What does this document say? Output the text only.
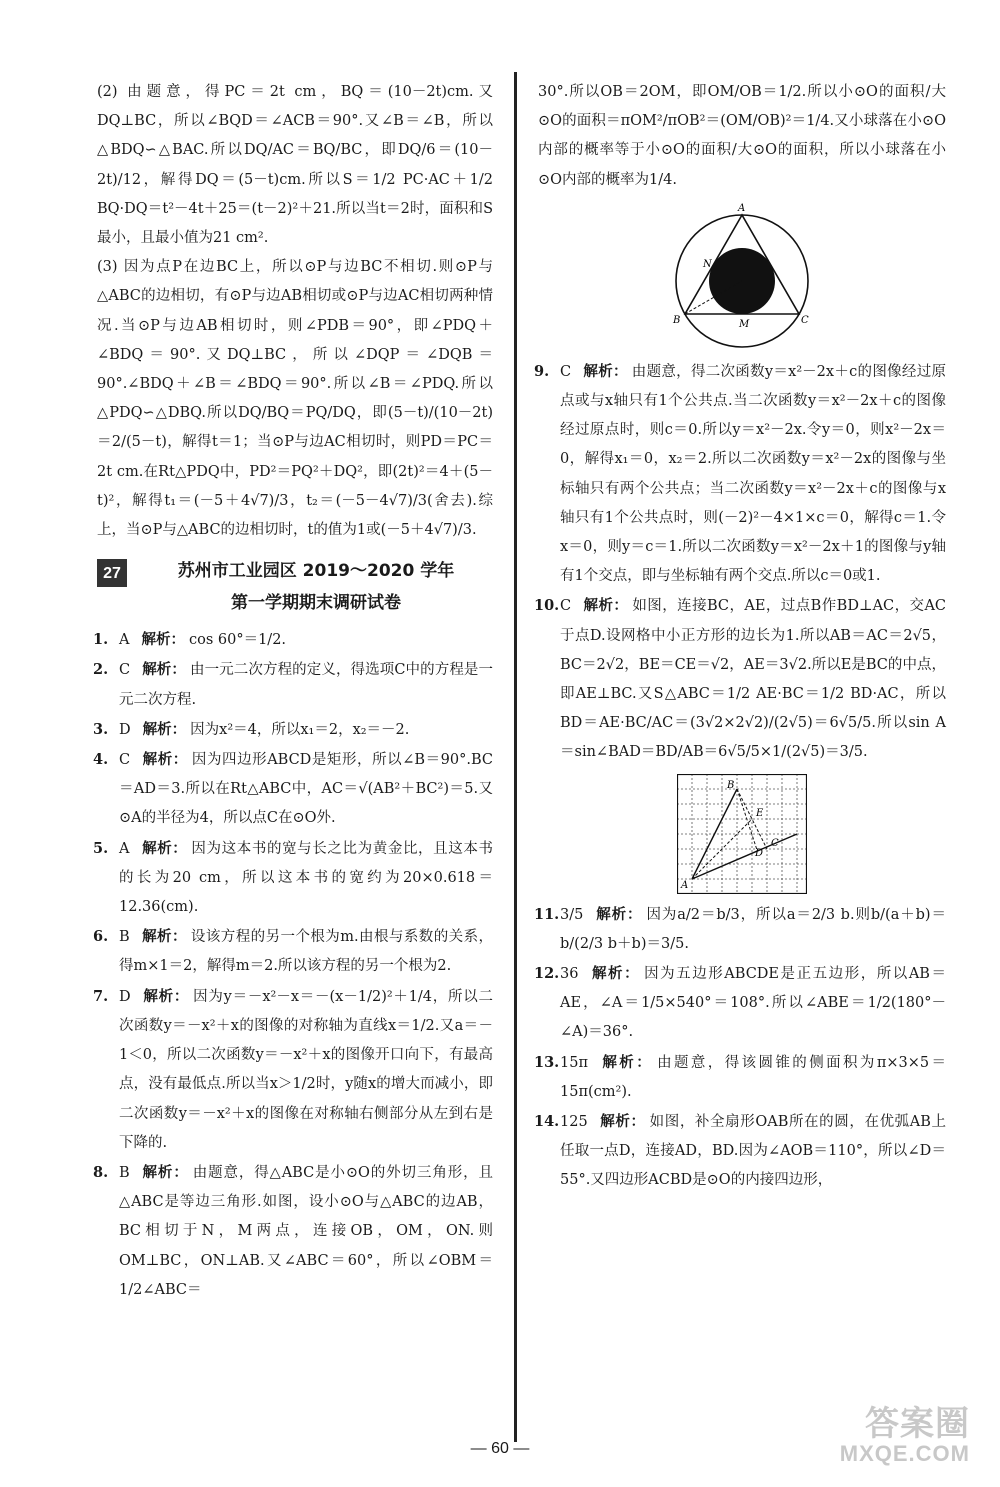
(2) 由题意，得PC＝2t cm，BQ＝(10－2t)cm.又DQ⊥BC，所以∠BQD＝∠ACB＝90°.又∠B＝∠B，所以△BDQ∽△BAC.所以DQ/AC＝BQ/BC，即DQ/6＝(10－2t)/12，解得DQ＝(5－t)cm.所以S＝1/2 PC·AC＋1/2 BQ·DQ＝t²－4t＋25＝(t－2)²＋21.所以当t＝2时，面积和S最小，且最小值为21 cm².

(3) 因为点P在边BC上，所以⊙P与边BC不相切.则⊙P与△ABC的边相切，有⊙P与边AB相切或⊙P与边AC相切两种情况.当⊙P与边AB相切时，则∠PDB＝90°，即∠PDQ＋∠BDQ＝90°.又DQ⊥BC，所以∠DQP＝∠DQB＝90°.∠BDQ＋∠B＝∠BDQ＝90°.所以∠B＝∠PDQ.所以△PDQ∽△DBQ.所以DQ/BQ＝PQ/DQ，即(5－t)/(10－2t)＝2/(5－t)，解得t＝1；当⊙P与边AC相切时，则PD＝PC＝2t cm.在Rt△PDQ中，PD²＝PQ²＋DQ²，即(2t)²＝4＋(5－t)²，解得t₁＝(－5＋4√7)/3，t₂＝(－5－4√7)/3(舍去).综上，当⊙P与△ABC的边相切时，t的值为1或(－5＋4√7)/3.

27	苏州市工业园区 2019～2020 学年
第一学期期末调研试卷

1. A 解析： cos 60°＝1/2.

2. C 解析： 由一元二次方程的定义，得选项C中的方程是一元二次方程.

3. D 解析： 因为x²＝4，所以x₁＝2，x₂＝－2.

4. C 解析： 因为四边形ABCD是矩形，所以∠B＝90°.BC＝AD＝3.所以在Rt△ABC中，AC＝√(AB²＋BC²)＝5.又⊙A的半径为4，所以点C在⊙O外.

5. A 解析： 因为这本书的宽与长之比为黄金比，且这本书的长为20 cm，所以这本书的宽约为20×0.618＝12.36(cm).

6. B 解析： 设该方程的另一个根为m.由根与系数的关系，得m×1＝2，解得m＝2.所以该方程的另一个根为2.

7. D 解析： 因为y＝－x²－x＝－(x－1/2)²＋1/4，所以二次函数y＝－x²＋x的图像的对称轴为直线x＝1/2.又a＝－1＜0，所以二次函数y＝－x²＋x的图像开口向下，有最高点，没有最低点.所以当x＞1/2时，y随x的增大而减小，即二次函数y＝－x²＋x的图像在对称轴右侧部分从左到右是下降的.

8. B 解析： 由题意，得△ABC是小⊙O的外切三角形，且△ABC是等边三角形.如图，设小⊙O与△ABC的边AB，BC相切于N，M两点，连接OB，OM，ON.则OM⊥BC，ON⊥AB.又∠ABC＝60°，所以∠OBM＝1/2∠ABC＝

30°.所以OB＝2OM，即OM/OB＝1/2.所以小⊙O的面积/大⊙O的面积＝πOM²/πOB²＝(OM/OB)²＝1/4.又小球落在小⊙O内部的概率等于小⊙O的面积/大⊙O的面积，所以小球落在小⊙O内部的概率为1/4.

A
B	C
M
N

9. C 解析： 由题意，得二次函数y＝x²－2x＋c的图像经过原点或与x轴只有1个公共点.当二次函数y＝x²－2x＋c的图像经过原点时，则c＝0.所以y＝x²－2x.令y＝0，则x²－2x＝0，解得x₁＝0，x₂＝2.所以二次函数y＝x²－2x的图像与坐标轴只有两个公共点；当二次函数y＝x²－2x＋c的图像与x轴只有1个公共点时，则(－2)²－4×1×c＝0，解得c＝1.令x＝0，则y＝c＝1.所以二次函数y＝x²－2x＋1的图像与y轴有1个交点，即与坐标轴有两个交点.所以c＝0或1.

10. C 解析： 如图，连接BC，AE，过点B作BD⊥AC，交AC于点D.设网格中小正方形的边长为1.所以AB＝AC＝2√5，BC＝2√2，BE＝CE＝√2，AE＝3√2.所以E是BC的中点，即AE⊥BC.又S△ABC＝1/2 AE·BC＝1/2 BD·AC，所以BD＝AE·BC/AC＝(3√2×2√2)/(2√5)＝6√5/5.所以sin A＝sin∠BAD＝BD/AB＝6√5/5×1/(2√5)＝3/5.

B
A
C
D
E

11. 3/5 解析： 因为a/2＝b/3，所以a＝2/3 b.则b/(a＋b)＝b/(2/3 b＋b)＝3/5.

12. 36 解析： 因为五边形ABCDE是正五边形，所以AB＝AE，∠A＝1/5×540°＝108°.所以∠ABE＝1/2(180°－∠A)＝36°.

13. 15π 解析： 由题意，得该圆锥的侧面积为π×3×5＝15π(cm²).

14. 125 解析： 如图，补全扇形OAB所在的圆，在优弧AB上任取一点D，连接AD，BD.因为∠AOB＝110°，所以∠D＝55°.又四边形ACBD是⊙O的内接四边形，

— 60 —
答案圈
MXQE.COM
